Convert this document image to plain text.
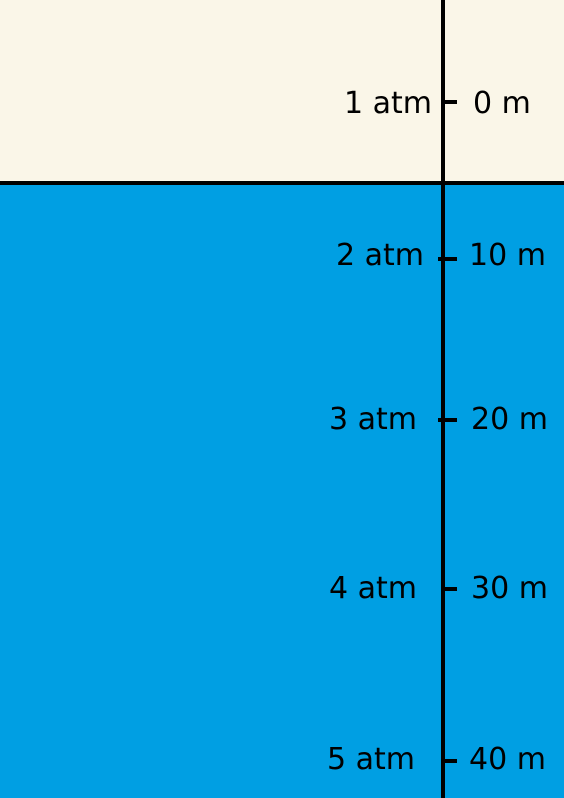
1 atm 0 m
2 atm 10 m
3 atm 20 m
4 atm 30 m
5 atm 40 m
